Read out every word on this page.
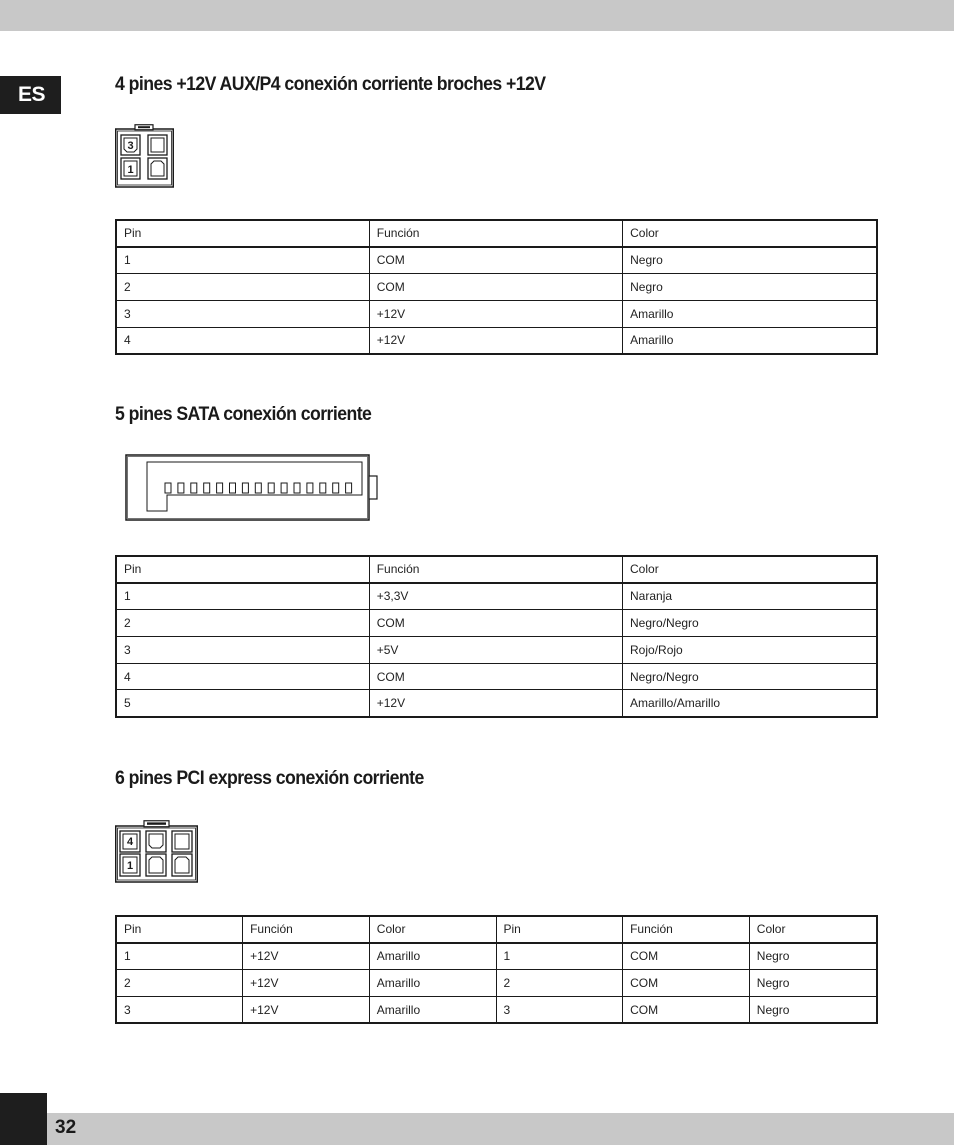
ES	4 pines +12V AUX/P4 conexión corriente broches +12V
3
1
Pin	Función	Color
1	COM	Negro
2	COM	Negro
3	+12V	Amarillo
4	+12V	Amarillo
5 pines SATA conexión corriente
Pin	Función	Color
1	+3,3V	Naranja
2	COM	Negro/Negro
3	+5V	Rojo/Rojo
4	COM	Negro/Negro
5	+12V	Amarillo/Amarillo
6 pines PCI express conexión corriente
4
1
Pin	Función	Color	Pin	Función	Color
1	+12V	Amarillo	1	COM	Negro
2	+12V	Amarillo	2	COM	Negro
3	+12V	Amarillo	3	COM	Negro
32
